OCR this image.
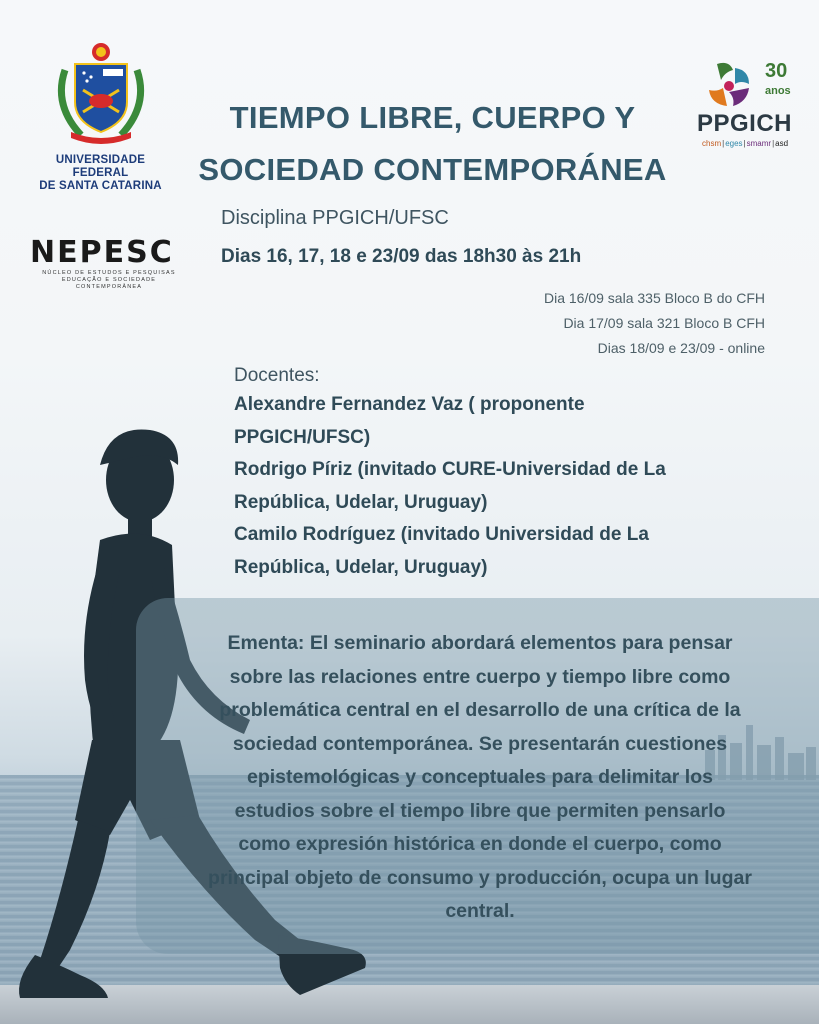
UNIVERSIDADE FEDERAL
DE SANTA CATARINA
TIEMPO LIBRE, CUERPO Y
SOCIEDAD CONTEMPORÁNEA
30
anos
PPGICH
chsm|eges|smamr|asd
NEPESC
NÚCLEO DE ESTUDOS E PESQUISAS
EDUCAÇÃO E SOCIEDADE CONTEMPORÂNEA
Disciplina PPGICH/UFSC
Dias 16, 17, 18 e 23/09 das 18h30 às 21h
Dia 16/09 sala 335 Bloco B do CFH
Dia 17/09 sala 321 Bloco B CFH
Dias 18/09 e 23/09 - online
Docentes:
Alexandre Fernandez Vaz ( proponente
PPGICH/UFSC)
Rodrigo Píriz (invitado CURE-Universidad de La
República, Udelar, Uruguay)
Camilo Rodríguez (invitado Universidad de La
República, Udelar, Uruguay)
Ementa: El seminario abordará elementos para pensar
sobre las relaciones entre cuerpo y tiempo libre como
problemática central en el desarrollo de una crítica de la
sociedad contemporánea. Se presentarán cuestiones
epistemológicas y conceptuales para delimitar los
estudios sobre el tiempo libre que permiten pensarlo
como expresión histórica en donde el cuerpo, como
principal objeto de consumo y producción, ocupa un lugar
central.
